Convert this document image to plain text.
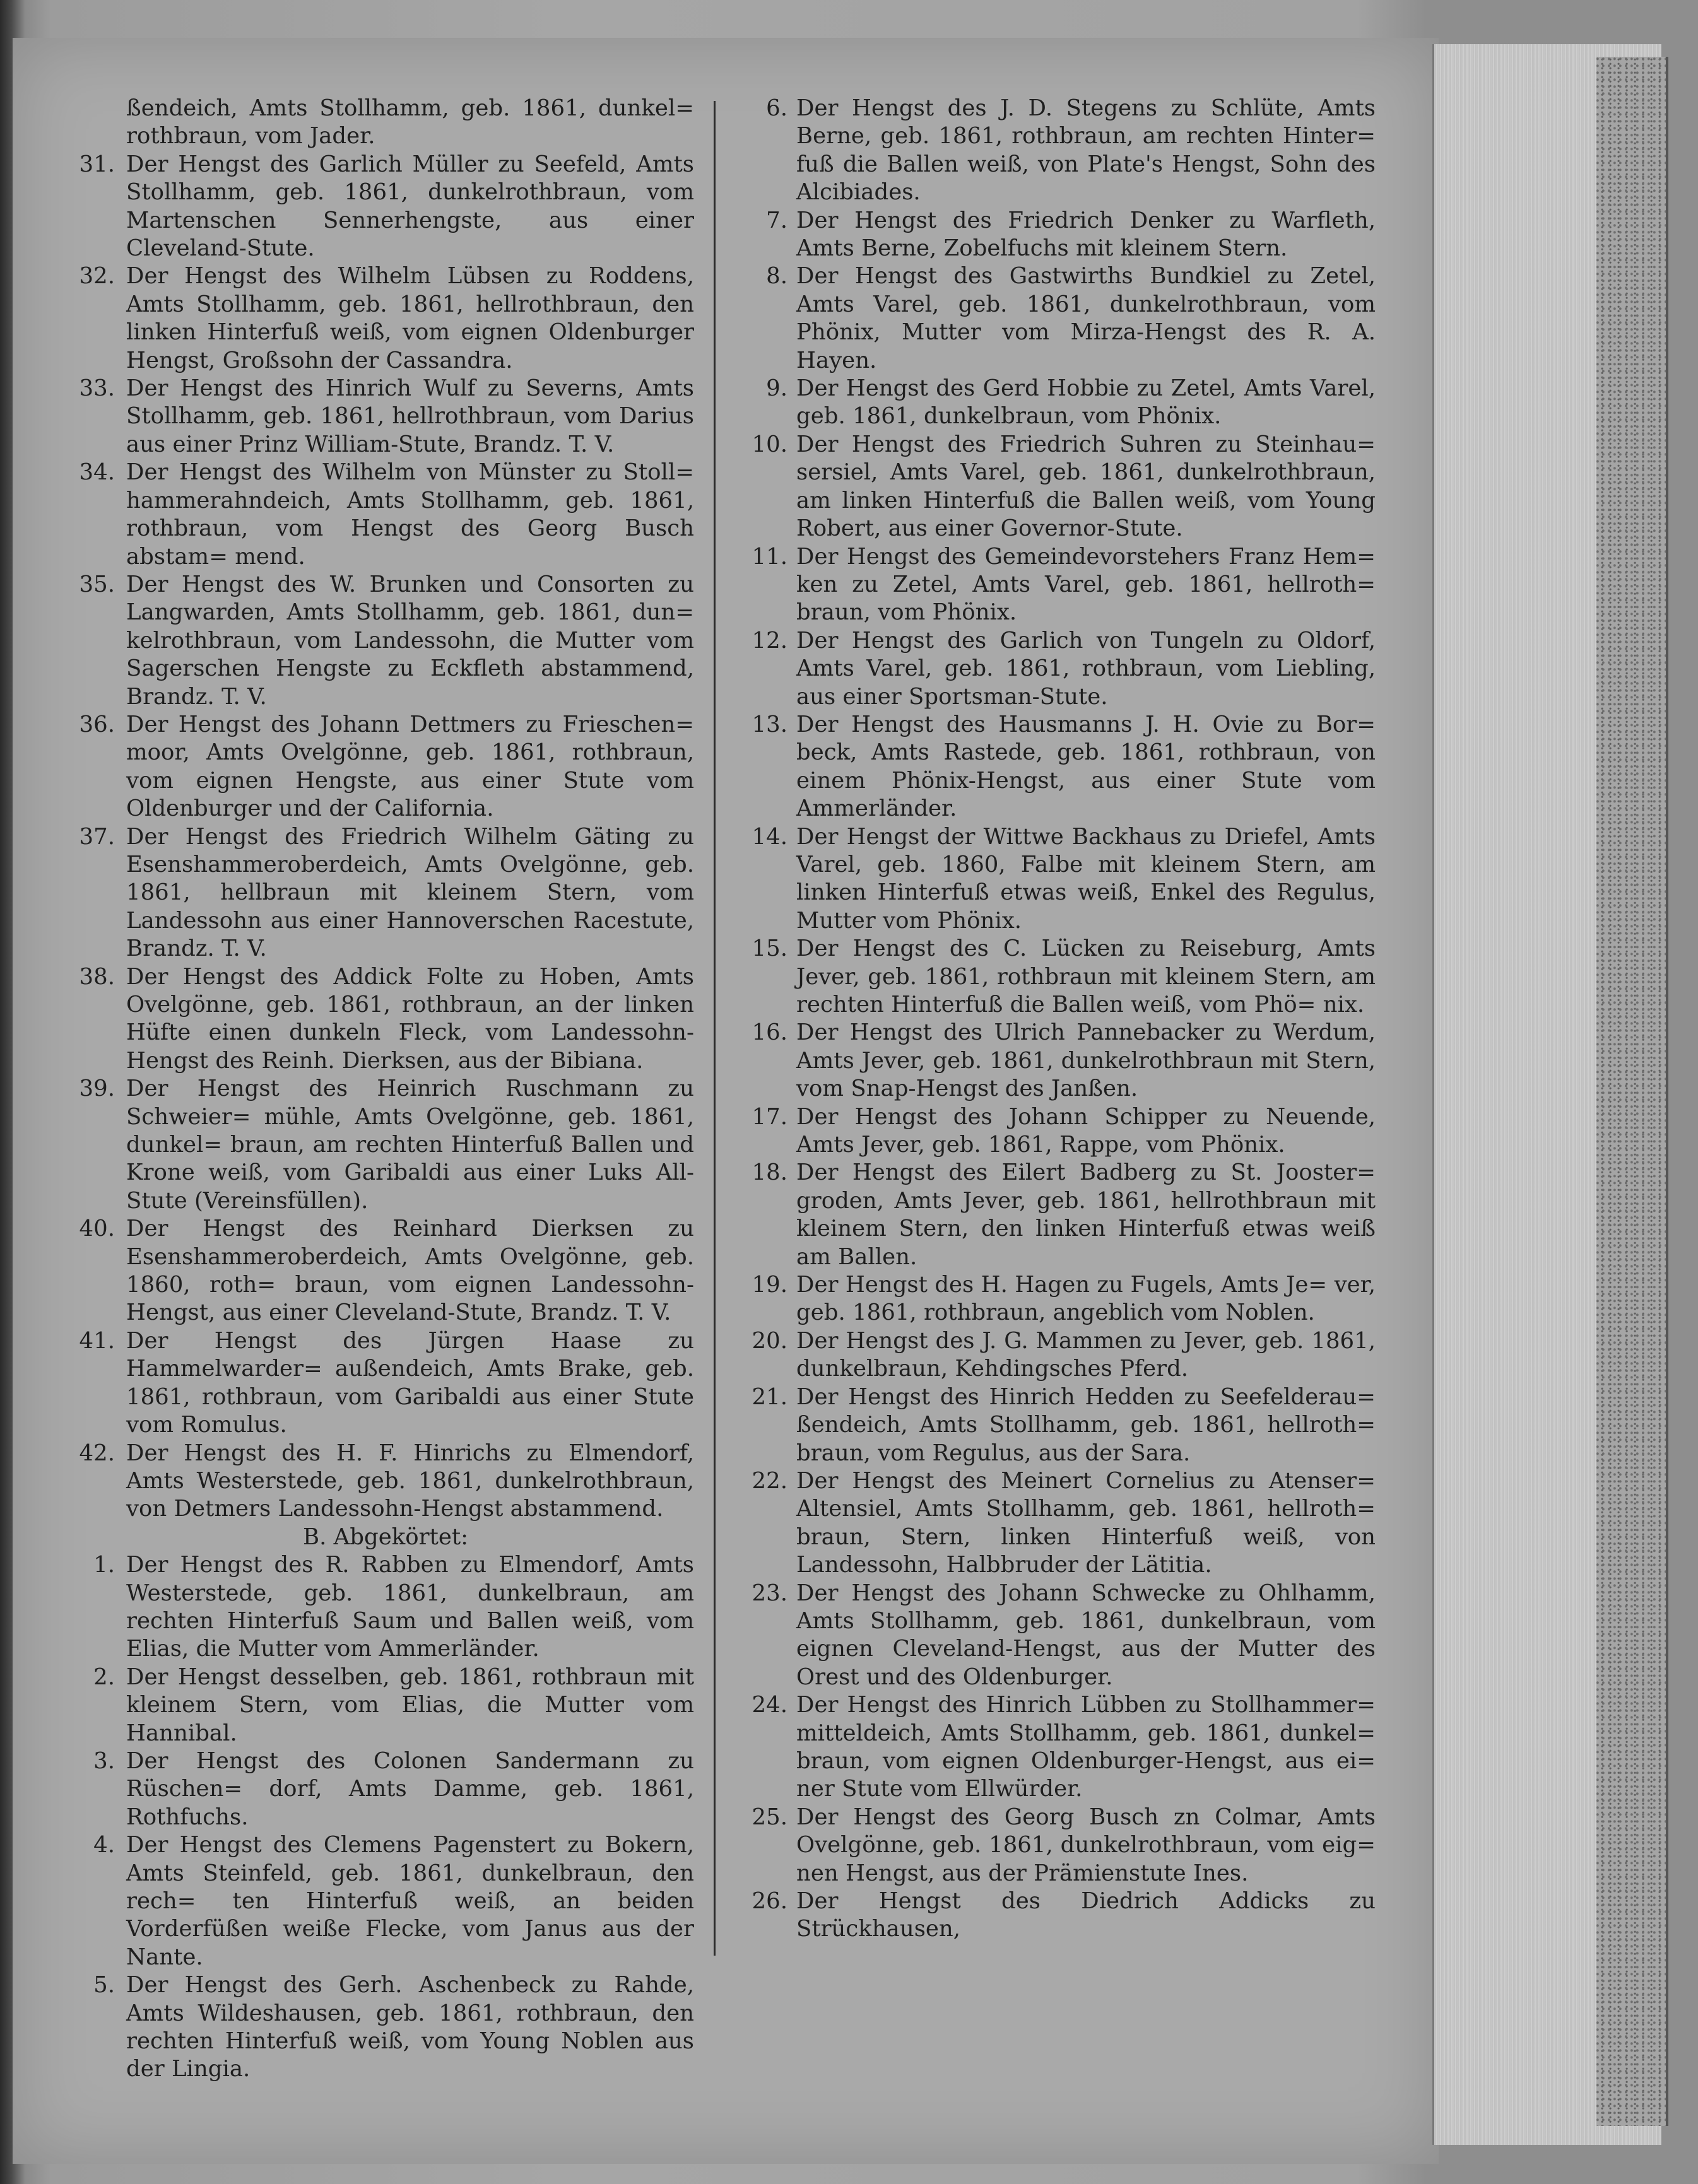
ßendeich, Amts Stollhamm, geb. 1861, dunkel= rothbraun, vom Jader.
31. Der Hengst des Garlich Müller zu Seefeld, Amts Stollhamm, geb. 1861, dunkelrothbraun, vom Martenschen Sennerhengste, aus einer Cleveland-Stute.
32. Der Hengst des Wilhelm Lübsen zu Roddens, Amts Stollhamm, geb. 1861, hellrothbraun, den linken Hinterfuß weiß, vom eignen Oldenburger Hengst, Großsohn der Cassandra.
33. Der Hengst des Hinrich Wulf zu Severns, Amts Stollhamm, geb. 1861, hellrothbraun, vom Darius aus einer Prinz William-Stute, Brandz. T. V.
34. Der Hengst des Wilhelm von Münster zu Stoll= hammerahndeich, Amts Stollhamm, geb. 1861, rothbraun, vom Hengst des Georg Busch abstam= mend.
35. Der Hengst des W. Brunken und Consorten zu Langwarden, Amts Stollhamm, geb. 1861, dun= kelrothbraun, vom Landessohn, die Mutter vom Sagerschen Hengste zu Eckfleth abstammend, Brandz. T. V.
36. Der Hengst des Johann Dettmers zu Frieschen= moor, Amts Ovelgönne, geb. 1861, rothbraun, vom eignen Hengste, aus einer Stute vom Oldenburger und der California.
37. Der Hengst des Friedrich Wilhelm Gäting zu Esenshammeroberdeich, Amts Ovelgönne, geb. 1861, hellbraun mit kleinem Stern, vom Landessohn aus einer Hannoverschen Racestute, Brandz. T. V.
38. Der Hengst des Addick Folte zu Hoben, Amts Ovelgönne, geb. 1861, rothbraun, an der linken Hüfte einen dunkeln Fleck, vom Landessohn-Hengst des Reinh. Dierksen, aus der Bibiana.
39. Der Hengst des Heinrich Ruschmann zu Schweier= mühle, Amts Ovelgönne, geb. 1861, dunkel= braun, am rechten Hinterfuß Ballen und Krone weiß, vom Garibaldi aus einer Luks All-Stute (Vereinsfüllen).
40. Der Hengst des Reinhard Dierksen zu Esenshammeroberdeich, Amts Ovelgönne, geb. 1860, roth= braun, vom eignen Landessohn-Hengst, aus einer Cleveland-Stute, Brandz. T. V.
41. Der Hengst des Jürgen Haase zu Hammelwarder= außendeich, Amts Brake, geb. 1861, rothbraun, vom Garibaldi aus einer Stute vom Romulus.
42. Der Hengst des H. F. Hinrichs zu Elmendorf, Amts Westerstede, geb. 1861, dunkelrothbraun, von Detmers Landessohn-Hengst abstammend.
B. Abgekörtet:
1. Der Hengst des R. Rabben zu Elmendorf, Amts Westerstede, geb. 1861, dunkelbraun, am rechten Hinterfuß Saum und Ballen weiß, vom Elias, die Mutter vom Ammerländer.
2. Der Hengst desselben, geb. 1861, rothbraun mit kleinem Stern, vom Elias, die Mutter vom Hannibal.
3. Der Hengst des Colonen Sandermann zu Rüschen= dorf, Amts Damme, geb. 1861, Rothfuchs.
4. Der Hengst des Clemens Pagenstert zu Bokern, Amts Steinfeld, geb. 1861, dunkelbraun, den rech= ten Hinterfuß weiß, an beiden Vorderfüßen weiße Flecke, vom Janus aus der Nante.
5. Der Hengst des Gerh. Aschenbeck zu Rahde, Amts Wildeshausen, geb. 1861, rothbraun, den rechten Hinterfuß weiß, vom Young Noblen aus der Lingia.
6. Der Hengst des J. D. Stegens zu Schlüte, Amts Berne, geb. 1861, rothbraun, am rechten Hinter= fuß die Ballen weiß, von Plate's Hengst, Sohn des Alcibiades.
7. Der Hengst des Friedrich Denker zu Warfleth, Amts Berne, Zobelfuchs mit kleinem Stern.
8. Der Hengst des Gastwirths Bundkiel zu Zetel, Amts Varel, geb. 1861, dunkelrothbraun, vom Phönix, Mutter vom Mirza-Hengst des R. A. Hayen.
9. Der Hengst des Gerd Hobbie zu Zetel, Amts Varel, geb. 1861, dunkelbraun, vom Phönix.
10. Der Hengst des Friedrich Suhren zu Steinhau= sersiel, Amts Varel, geb. 1861, dunkelrothbraun, am linken Hinterfuß die Ballen weiß, vom Young Robert, aus einer Governor-Stute.
11. Der Hengst des Gemeindevorstehers Franz Hem= ken zu Zetel, Amts Varel, geb. 1861, hellroth= braun, vom Phönix.
12. Der Hengst des Garlich von Tungeln zu Oldorf, Amts Varel, geb. 1861, rothbraun, vom Liebling, aus einer Sportsman-Stute.
13. Der Hengst des Hausmanns J. H. Ovie zu Bor= beck, Amts Rastede, geb. 1861, rothbraun, von einem Phönix-Hengst, aus einer Stute vom Ammerländer.
14. Der Hengst der Wittwe Backhaus zu Driefel, Amts Varel, geb. 1860, Falbe mit kleinem Stern, am linken Hinterfuß etwas weiß, Enkel des Regulus, Mutter vom Phönix.
15. Der Hengst des C. Lücken zu Reiseburg, Amts Jever, geb. 1861, rothbraun mit kleinem Stern, am rechten Hinterfuß die Ballen weiß, vom Phö= nix.
16. Der Hengst des Ulrich Pannebacker zu Werdum, Amts Jever, geb. 1861, dunkelrothbraun mit Stern, vom Snap-Hengst des Janßen.
17. Der Hengst des Johann Schipper zu Neuende, Amts Jever, geb. 1861, Rappe, vom Phönix.
18. Der Hengst des Eilert Badberg zu St. Jooster= groden, Amts Jever, geb. 1861, hellrothbraun mit kleinem Stern, den linken Hinterfuß etwas weiß am Ballen.
19. Der Hengst des H. Hagen zu Fugels, Amts Je= ver, geb. 1861, rothbraun, angeblich vom Noblen.
20. Der Hengst des J. G. Mammen zu Jever, geb. 1861, dunkelbraun, Kehdingsches Pferd.
21. Der Hengst des Hinrich Hedden zu Seefelderau= ßendeich, Amts Stollhamm, geb. 1861, hellroth= braun, vom Regulus, aus der Sara.
22. Der Hengst des Meinert Cornelius zu Atenser= Altensiel, Amts Stollhamm, geb. 1861, hellroth= braun, Stern, linken Hinterfuß weiß, von Landessohn, Halbbruder der Lätitia.
23. Der Hengst des Johann Schwecke zu Ohlhamm, Amts Stollhamm, geb. 1861, dunkelbraun, vom eignen Cleveland-Hengst, aus der Mutter des Orest und des Oldenburger.
24. Der Hengst des Hinrich Lübben zu Stollhammer= mitteldeich, Amts Stollhamm, geb. 1861, dunkel= braun, vom eignen Oldenburger-Hengst, aus ei= ner Stute vom Ellwürder.
25. Der Hengst des Georg Busch zn Colmar, Amts Ovelgönne, geb. 1861, dunkelrothbraun, vom eig= nen Hengst, aus der Prämienstute Ines.
26. Der Hengst des Diedrich Addicks zu Strückhausen,
